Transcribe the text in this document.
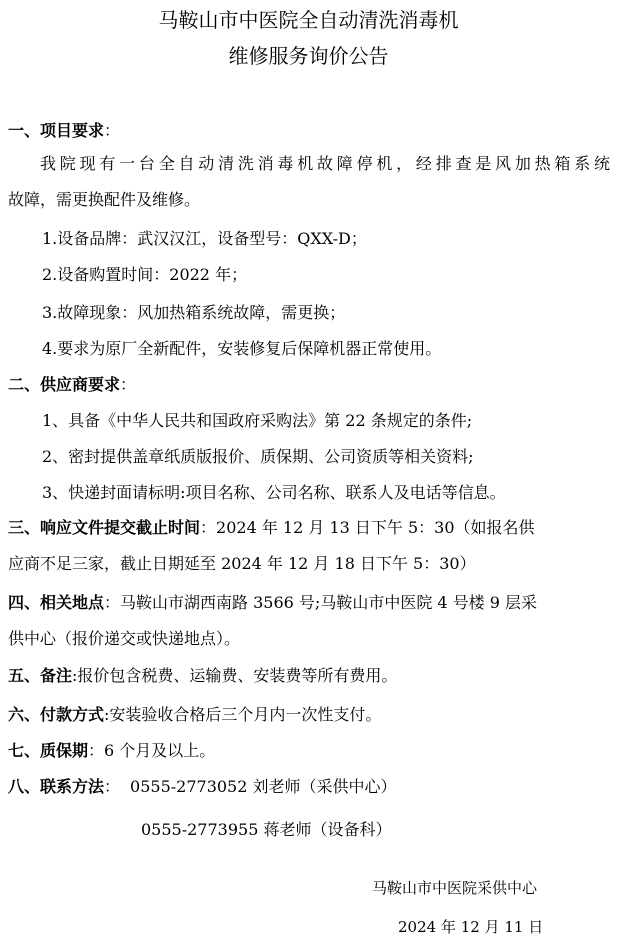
马鞍山市中医院全自动清洗消毒机
维修服务询价公告
一、项目要求：
我院现有一台全自动清洗消毒机故障停机，经排查是风加热箱系统
故障，需更换配件及维修。
1.设备品牌：武汉汉江，设备型号：QXX-D；
2.设备购置时间：2022 年；
3.故障现象：风加热箱系统故障，需更换；
4.要求为原厂全新配件，安装修复后保障机器正常使用。
二、供应商要求：
1、具备《中华人民共和国政府采购法》第 22 条规定的条件;
2、密封提供盖章纸质版报价、质保期、公司资质等相关资料;
3、快递封面请标明:项目名称、公司名称、联系人及电话等信息。
三、响应文件提交截止时间：2024 年 12 月 13 日下午 5：30（如报名供
应商不足三家，截止日期延至 2024 年 12 月 18 日下午 5：30）
四、相关地点：马鞍山市湖西南路 3566 号;马鞍山市中医院 4 号楼 9 层采
供中心（报价递交或快递地点）。
五、备注:报价包含税费、运输费、安装费等所有费用。
六、付款方式:安装验收合格后三个月内一次性支付。
七、质保期：6 个月及以上。
八、联系方法： 0555-2773052 刘老师（采供中心）
0555-2773955 蒋老师（设备科）
马鞍山市中医院采供中心
2024 年 12 月 11 日
